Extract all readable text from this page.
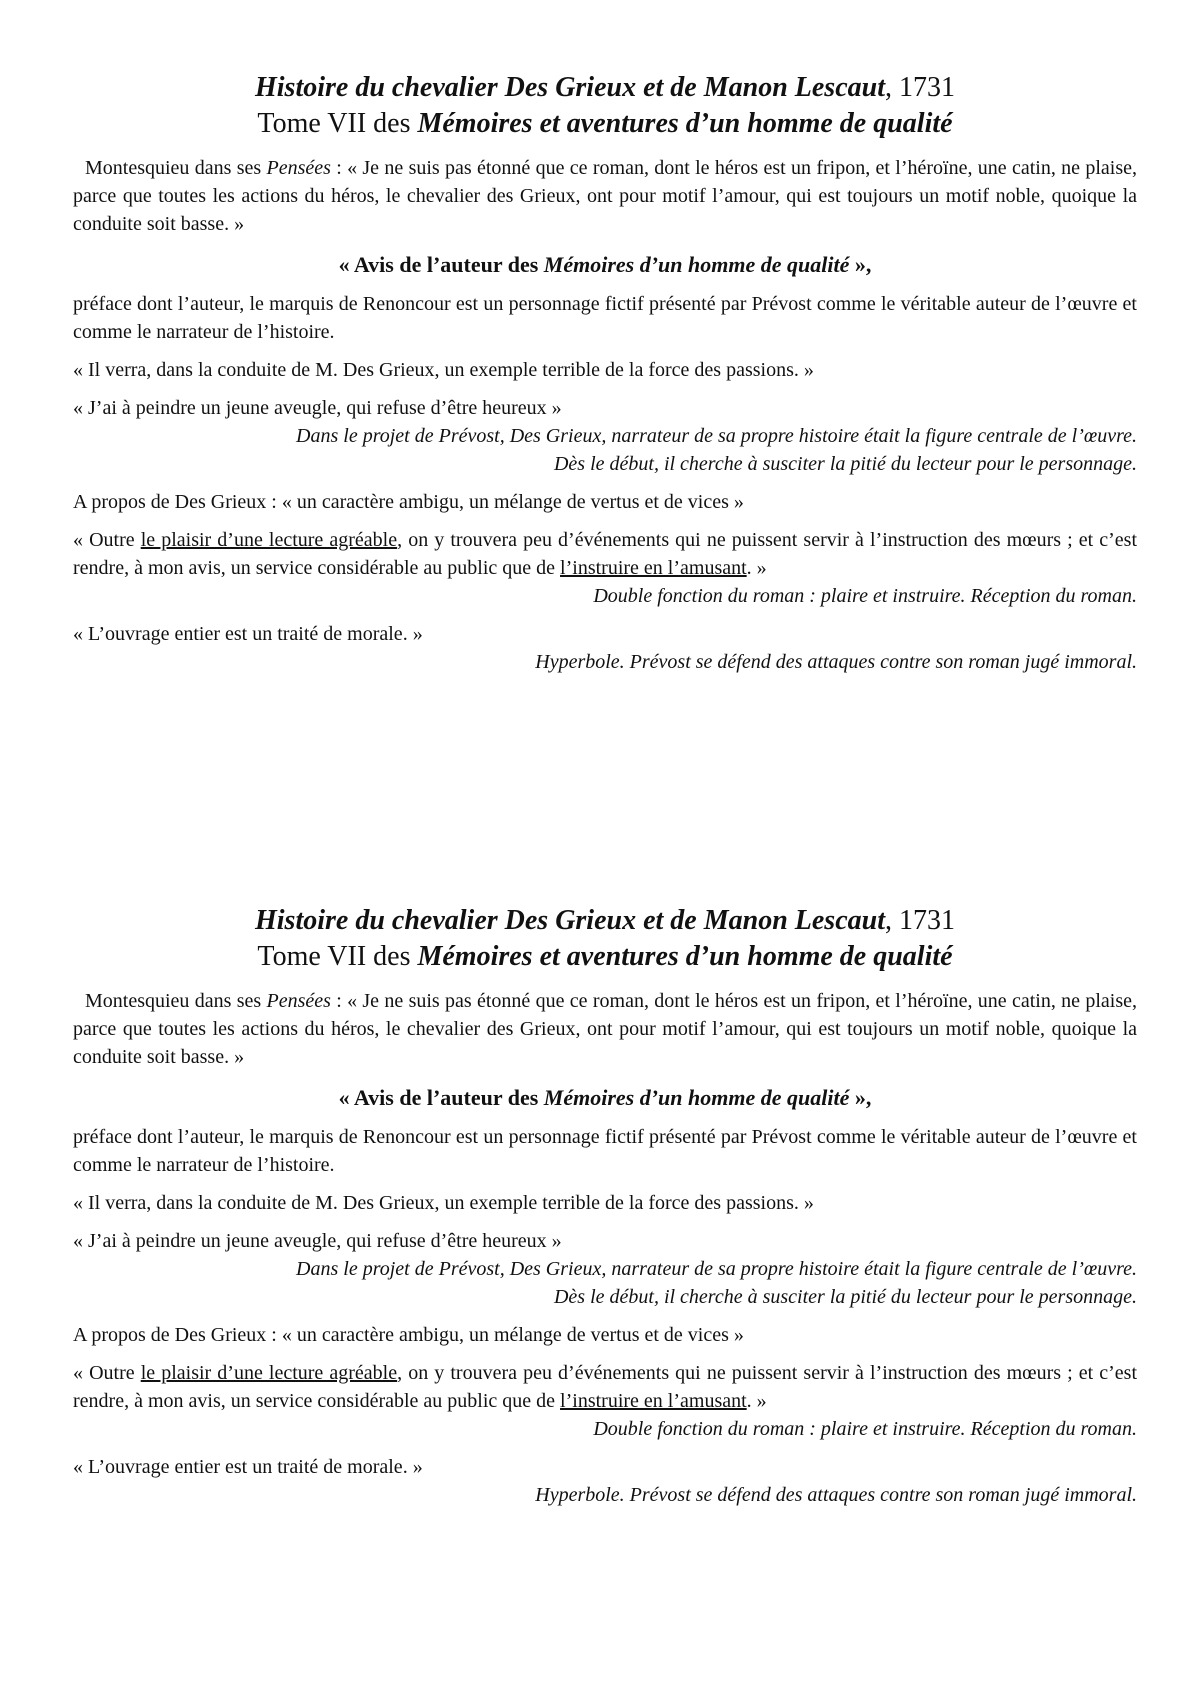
Histoire du chevalier Des Grieux et de Manon Lescaut, 1731

Tome VII des Mémoires et aventures d’un homme de qualité

Montesquieu dans ses Pensées : « Je ne suis pas étonné que ce roman, dont le héros est un fripon, et l’héroïne, une catin, ne plaise, parce que toutes les actions du héros, le chevalier des Grieux, ont pour motif l’amour, qui est toujours un motif noble, quoique la conduite soit basse. »

« Avis de l’auteur des Mémoires d’un homme de qualité »,

préface dont l’auteur, le marquis de Renoncour est un personnage fictif présenté par Prévost comme le véritable auteur de l’œuvre et comme le narrateur de l’histoire.

« Il verra, dans la conduite de M. Des Grieux, un exemple terrible de la force des passions. »

« J’ai à peindre un jeune aveugle, qui refuse d’être heureux »

Dans le projet de Prévost, Des Grieux, narrateur de sa propre histoire était la figure centrale de l’œuvre.

Dès le début, il cherche à susciter la pitié du lecteur pour le personnage.

A propos de Des Grieux : « un caractère ambigu, un mélange de vertus et de vices »

« Outre le plaisir d’une lecture agréable, on y trouvera peu d’événements qui ne puissent servir à l’instruction des mœurs ; et c’est rendre, à mon avis, un service considérable au public que de l’instruire en l’amusant. »

Double fonction du roman : plaire et instruire. Réception du roman.

« L’ouvrage entier est un traité de morale. »

Hyperbole. Prévost se défend des attaques contre son roman jugé immoral.

Histoire du chevalier Des Grieux et de Manon Lescaut, 1731

Tome VII des Mémoires et aventures d’un homme de qualité

Montesquieu dans ses Pensées : « Je ne suis pas étonné que ce roman, dont le héros est un fripon, et l’héroïne, une catin, ne plaise, parce que toutes les actions du héros, le chevalier des Grieux, ont pour motif l’amour, qui est toujours un motif noble, quoique la conduite soit basse. »

« Avis de l’auteur des Mémoires d’un homme de qualité »,

préface dont l’auteur, le marquis de Renoncour est un personnage fictif présenté par Prévost comme le véritable auteur de l’œuvre et comme le narrateur de l’histoire.

« Il verra, dans la conduite de M. Des Grieux, un exemple terrible de la force des passions. »

« J’ai à peindre un jeune aveugle, qui refuse d’être heureux »

Dans le projet de Prévost, Des Grieux, narrateur de sa propre histoire était la figure centrale de l’œuvre.

Dès le début, il cherche à susciter la pitié du lecteur pour le personnage.

A propos de Des Grieux : « un caractère ambigu, un mélange de vertus et de vices »

« Outre le plaisir d’une lecture agréable, on y trouvera peu d’événements qui ne puissent servir à l’instruction des mœurs ; et c’est rendre, à mon avis, un service considérable au public que de l’instruire en l’amusant. »

Double fonction du roman : plaire et instruire. Réception du roman.

« L’ouvrage entier est un traité de morale. »

Hyperbole. Prévost se défend des attaques contre son roman jugé immoral.
